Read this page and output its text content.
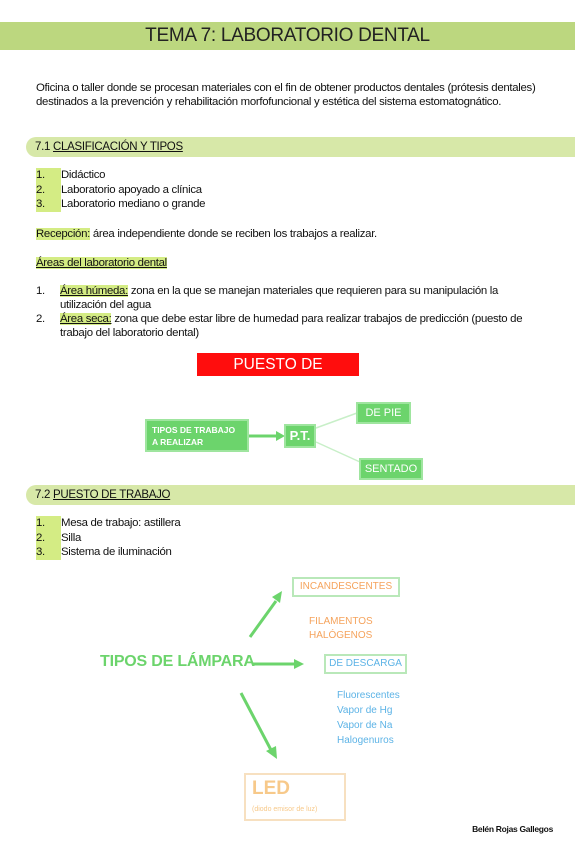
TEMA 7: LABORATORIO DENTAL
Oficina o taller donde se procesan materiales con el fin de obtener productos dentales (prótesis dentales) destinados a la prevención y rehabilitación morfofuncional y estética del sistema estomatognático.
7.1 CLASIFICACIÓN Y TIPOS
1.	Didáctico
2.	Laboratorio apoyado a clínica
3.	Laboratorio mediano o grande
Recepción: área independiente donde se reciben los trabajos a realizar.
Áreas del laboratorio dental
1.	Área húmeda: zona en la que se manejan materiales que requieren para su manipulación la utilización del agua
2.	Área seca: zona que debe estar libre de humedad para realizar trabajos de predicción (puesto de trabajo del laboratorio dental)
PUESTO DE TRABAJO
TIPOS DE TRABAJO
A REALIZAR	P.T.
DE PIE
SENTADO
7.2 PUESTO DE TRABAJO
1.	Mesa de trabajo: astillera
2.	Silla
3.	Sistema de iluminación
TIPOS DE LÁMPARA
INCANDESCENTES
FILAMENTOS
HALÓGENOS
DE DESCARGA
Fluorescentes
Vapor de Hg
Vapor de Na
Halogenuros
LED
(diodo emisor de luz)
Belén Rojas Gallegos
